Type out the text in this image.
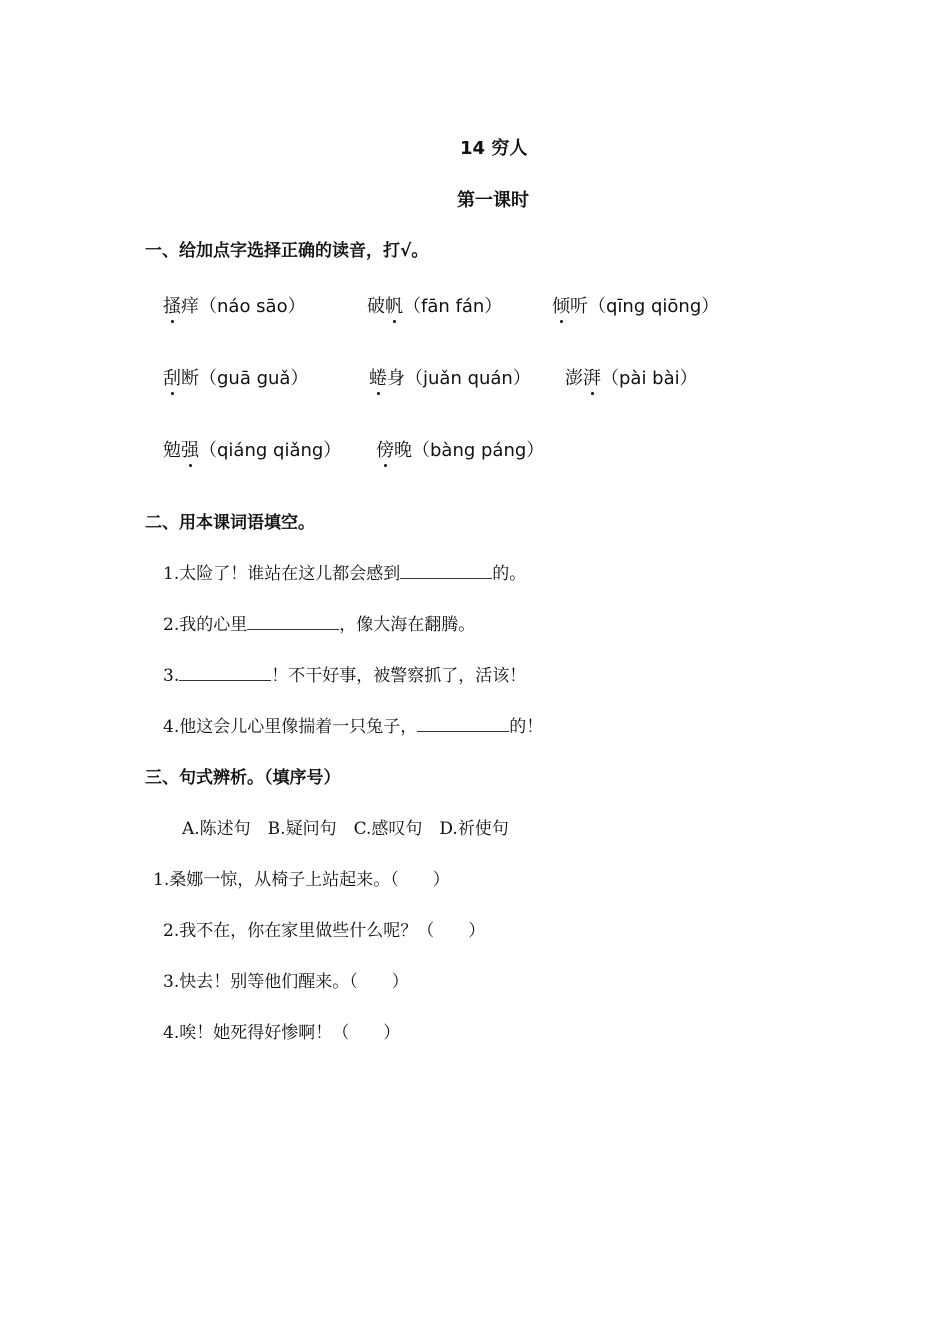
14 穷人
第一课时
一、给加点字选择正确的读音，打√。
搔痒（náo sāo）	破帆（fān fán）	倾听（qīng qiōng）
刮断（guā guǎ）	蜷身（juǎn quán） 澎湃（pài bài）
勉强（qiáng qiǎng） 傍晚（bàng páng）
二、用本课词语填空。
1.太险了！谁站在这儿都会感到	的。
2.我的心里	，像大海在翻腾。
3.	！不干好事，被警察抓了，活该！
4.他这会儿心里像揣着一只兔子，	的！
三、句式辨析。（填序号）
A.陈述句　B.疑问句　C.感叹句　D.祈使句
1.桑娜一惊，从椅子上站起来。（　　）
2.我不在，你在家里做些什么呢？（　　）
3.快去！别等他们醒来。（　　）
4.唉！她死得好惨啊！（　　）
